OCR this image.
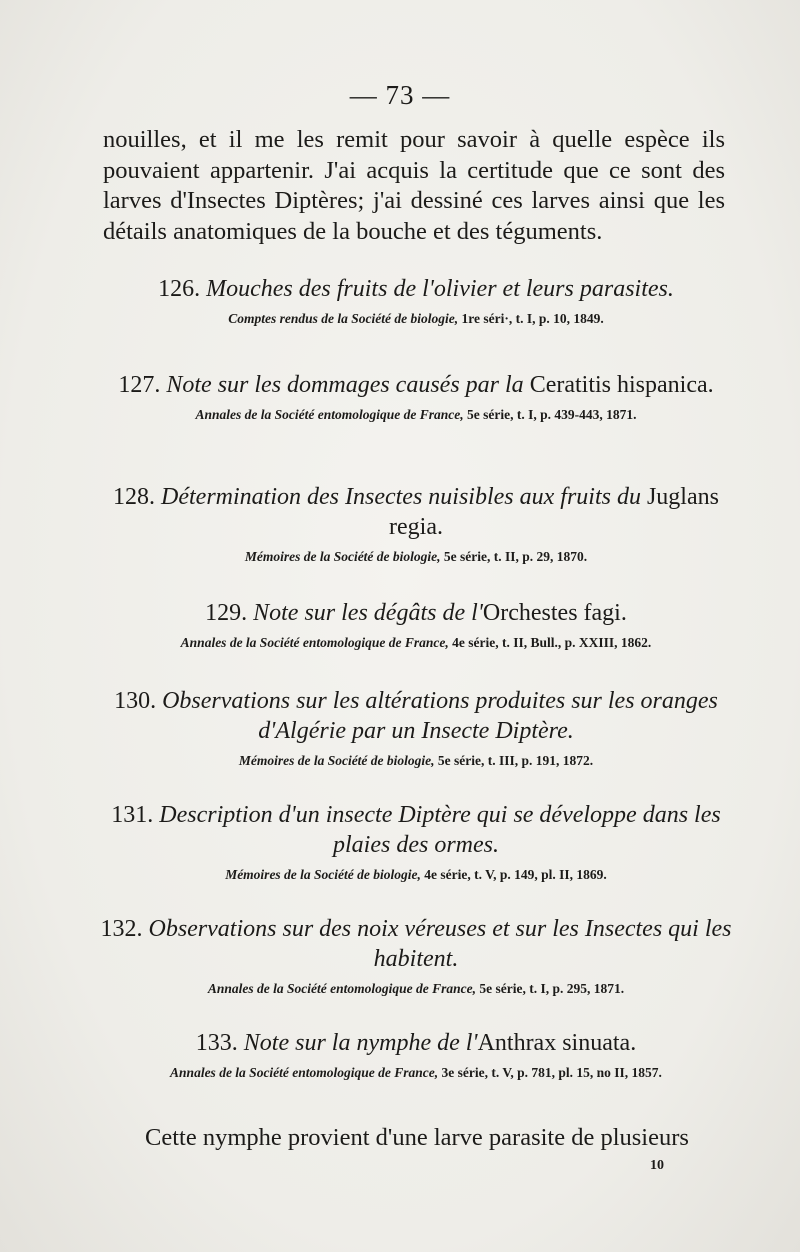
— 73 —
nouilles, et il me les remit pour savoir à quelle espèce ils pouvaient appartenir. J'ai acquis la certitude que ce sont des larves d'Insectes Diptères; j'ai dessiné ces larves ainsi que les détails anatomiques de la bouche et des téguments.
126. Mouches des fruits de l'olivier et leurs parasites.
Comptes rendus de la Société de biologie, 1re séri·, t. I, p. 10, 1849.
127. Note sur les dommages causés par la Ceratitis hispanica.
Annales de la Société entomologique de France, 5e série, t. I, p. 439-443, 1871.
128. Détermination des Insectes nuisibles aux fruits du Juglans regia.
Mémoires de la Société de biologie, 5e série, t. II, p. 29, 1870.
129. Note sur les dégâts de l'Orchestes fagi.
Annales de la Société entomologique de France, 4e série, t. II, Bull., p. XXIII, 1862.
130. Observations sur les altérations produites sur les oranges d'Algérie par un Insecte Diptère.
Mémoires de la Société de biologie, 5e série, t. III, p. 191, 1872.
131. Description d'un insecte Diptère qui se développe dans les plaies des ormes.
Mémoires de la Société de biologie, 4e série, t. V, p. 149, pl. II, 1869.
132. Observations sur des noix véreuses et sur les Insectes qui les habitent.
Annales de la Société entomologique de France, 5e série, t. I, p. 295, 1871.
133. Note sur la nymphe de l'Anthrax sinuata.
Annales de la Société entomologique de France, 3e série, t. V, p. 781, pl. 15, no II, 1857.
Cette nymphe provient d'une larve parasite de plusieurs
10
